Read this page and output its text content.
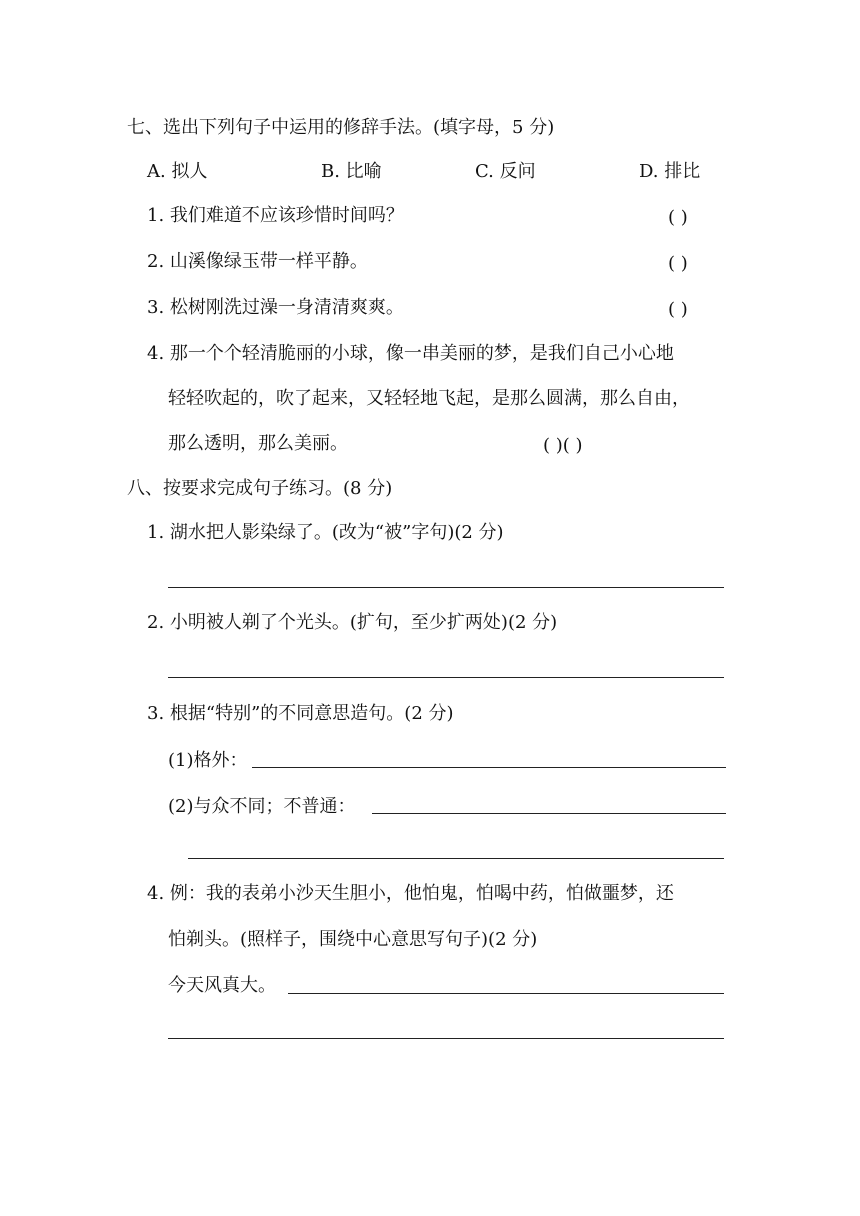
七、选出下列句子中运用的修辞手法。(填字母，5 分)
A. 拟人	B. 比喻	C. 反问	D. 排比
1. 我们难道不应该珍惜时间吗？	( )
2. 山溪像绿玉带一样平静。	( )
3. 松树刚洗过澡一身清清爽爽。	( )
4. 那一个个轻清脆丽的小球，像一串美丽的梦，是我们自己小心地
轻轻吹起的，吹了起来，又轻轻地飞起，是那么圆满，那么自由，
那么透明，那么美丽。	( )( )
八、按要求完成句子练习。(8 分)
1. 湖水把人影染绿了。(改为“被”字句)(2 分)
2. 小明被人剃了个光头。(扩句，至少扩两处)(2 分)
3. 根据“特别”的不同意思造句。(2 分)
(1)格外：
(2)与众不同；不普通：
4. 例：我的表弟小沙天生胆小，他怕鬼，怕喝中药，怕做噩梦，还
怕剃头。(照样子，围绕中心意思写句子)(2 分)
今天风真大。
